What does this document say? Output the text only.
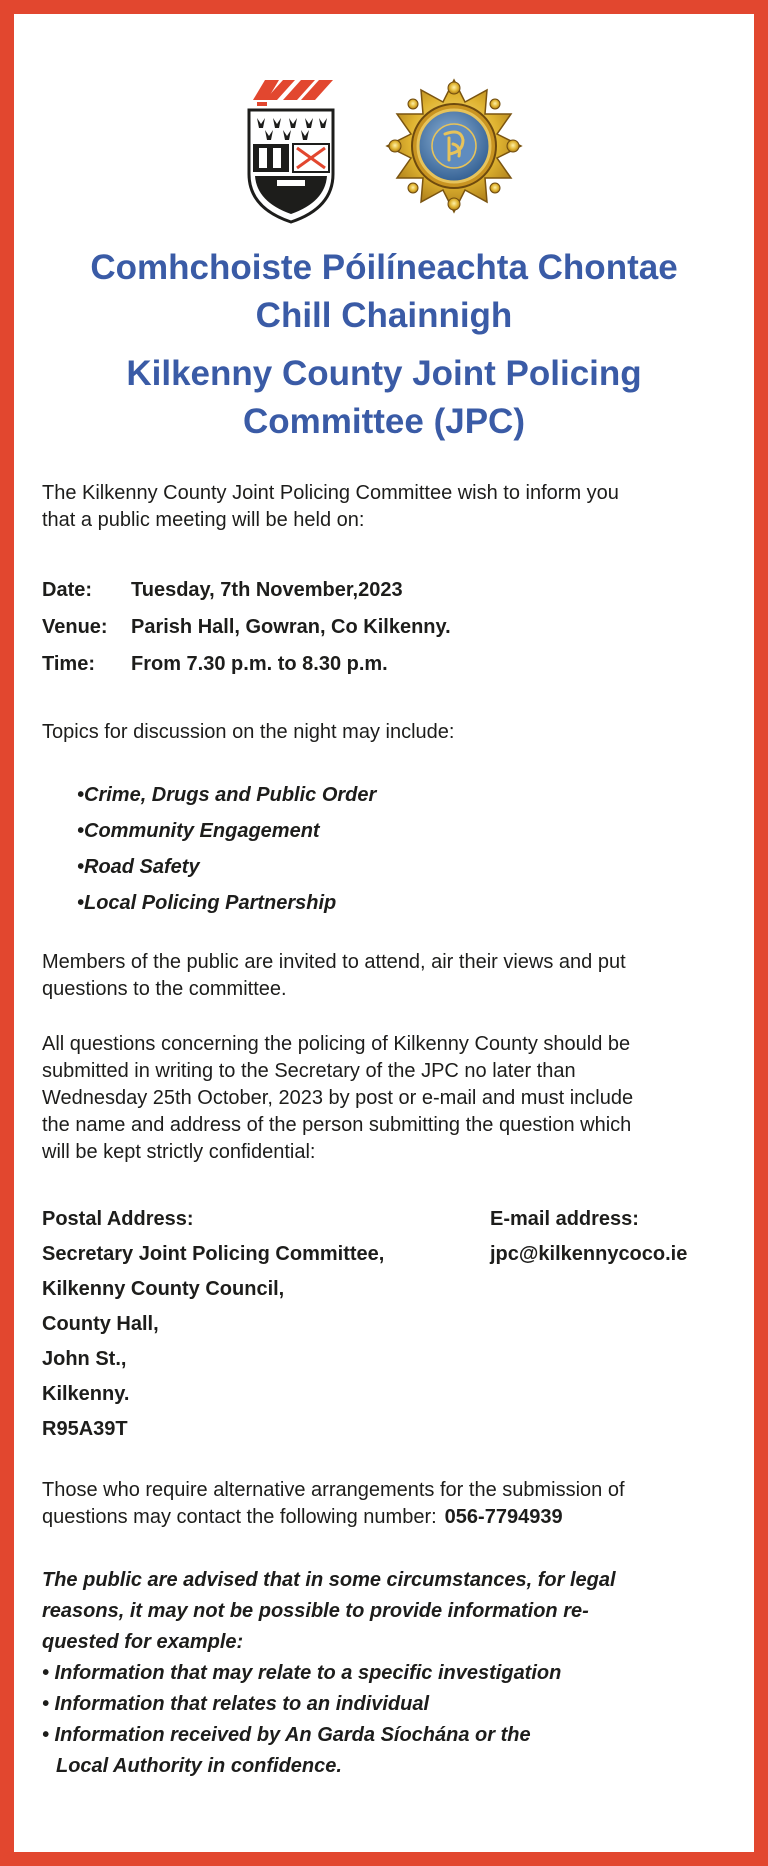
Comhchoiste Póilíneachta Chontae
Chill Chainnigh
Kilkenny County Joint Policing
Committee (JPC)

The Kilkenny County Joint Policing Committee wish to inform you
that a public meeting will be held on:

Date:	Tuesday, 7th November,2023
Venue:	Parish Hall, Gowran, Co Kilkenny.
Time:	From 7.30 p.m. to 8.30 p.m.

Topics for discussion on the night may include:

•Crime, Drugs and Public Order
•Community Engagement
•Road Safety
•Local Policing Partnership

Members of the public are invited to attend, air their views and put
questions to the committee.

All questions concerning the policing of Kilkenny County should be
submitted in writing to the Secretary of the JPC no later than
Wednesday 25th October, 2023 by post or e-mail and must include
the name and address of the person submitting the question which
will be kept strictly confidential:

Postal Address:
Secretary Joint Policing Committee,
Kilkenny County Council,
County Hall,
John St.,
Kilkenny.
R95A39T
E-mail address:
jpc@kilkennycoco.ie

Those who require alternative arrangements for the submission of
questions may contact the following number: 056-7794939

The public are advised that in some circumstances, for legal
reasons, it may not be possible to provide information re-
quested for example:
• Information that may relate to a specific investigation
• Information that relates to an individual
• Information received by An Garda Síochána or the
Local Authority in confidence.
